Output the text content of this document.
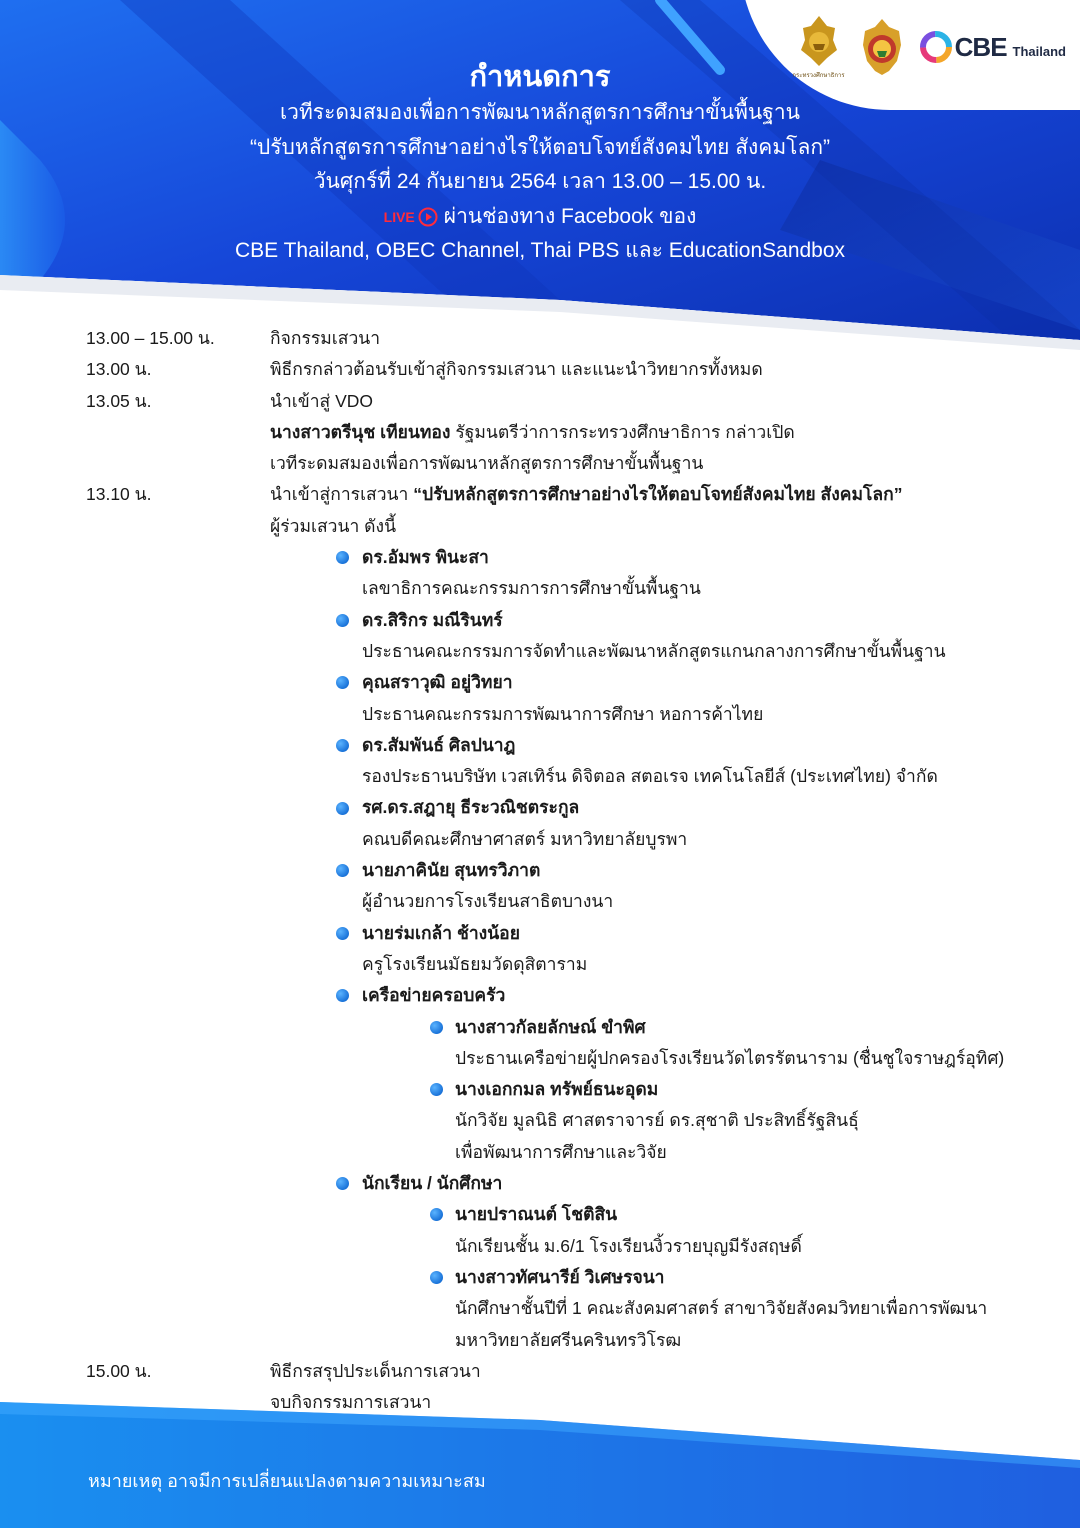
กระทรวงศึกษาธิการ
CBE Thailand
กำหนดการ
เวทีระดมสมองเพื่อการพัฒนาหลักสูตรการศึกษาขั้นพื้นฐาน
“ปรับหลักสูตรการศึกษาอย่างไรให้ตอบโจทย์สังคมไทย สังคมโลก”
วันศุกร์ที่ 24 กันยายน 2564 เวลา 13.00 – 15.00 น.
LIVE ผ่านช่องทาง Facebook ของ
CBE Thailand, OBEC Channel, Thai PBS และ EducationSandbox
13.00 – 15.00 น.	กิจกรรมเสวนา
13.00 น.	พิธีกรกล่าวต้อนรับเข้าสู่กิจกรรมเสวนา และแนะนำวิทยากรทั้งหมด
13.05 น.	นำเข้าสู่ VDO
นางสาวตรีนุช เทียนทอง รัฐมนตรีว่าการกระทรวงศึกษาธิการ กล่าวเปิด
เวทีระดมสมองเพื่อการพัฒนาหลักสูตรการศึกษาขั้นพื้นฐาน
13.10 น.	นำเข้าสู่การเสวนา “ปรับหลักสูตรการศึกษาอย่างไรให้ตอบโจทย์สังคมไทย สังคมโลก”
ผู้ร่วมเสวนา ดังนี้
ดร.อัมพร พินะสา
เลขาธิการคณะกรรมการการศึกษาขั้นพื้นฐาน
ดร.สิริกร มณีรินทร์
ประธานคณะกรรมการจัดทำและพัฒนาหลักสูตรแกนกลางการศึกษาขั้นพื้นฐาน
คุณสราวุฒิ อยู่วิทยา
ประธานคณะกรรมการพัฒนาการศึกษา หอการค้าไทย
ดร.สัมพันธ์ ศิลปนาฎ
รองประธานบริษัท เวสเทิร์น ดิจิตอล สตอเรจ เทคโนโลยีส์ (ประเทศไทย) จำกัด
รศ.ดร.สฎายุ ธีระวณิชตระกูล
คณบดีคณะศึกษาศาสตร์ มหาวิทยาลัยบูรพา
นายภาคินัย สุนทรวิภาต
ผู้อำนวยการโรงเรียนสาธิตบางนา
นายร่มเกล้า ช้างน้อย
ครูโรงเรียนมัธยมวัดดุสิตาราม
เครือข่ายครอบครัว
นางสาวกัลยลักษณ์ ขำพิศ
ประธานเครือข่ายผู้ปกครองโรงเรียนวัดไตรรัตนาราม (ชื่นชูใจราษฎร์อุทิศ)
นางเอกกมล ทรัพย์ธนะอุดม
นักวิจัย มูลนิธิ ศาสตราจารย์ ดร.สุชาติ ประสิทธิ์รัฐสินธุ์
เพื่อพัฒนาการศึกษาและวิจัย
นักเรียน / นักศึกษา
นายปราณนต์ โชติสิน
นักเรียนชั้น ม.6/1 โรงเรียนงิ้วรายบุญมีรังสฤษดิ์
นางสาวทัศนารีย์ วิเศษรจนา
นักศึกษาชั้นปีที่ 1 คณะสังคมศาสตร์ สาขาวิจัยสังคมวิทยาเพื่อการพัฒนา
มหาวิทยาลัยศรีนครินทรวิโรฒ
15.00 น.	พิธีกรสรุปประเด็นการเสวนา
จบกิจกรรมการเสวนา
หมายเหตุ อาจมีการเปลี่ยนแปลงตามความเหมาะสม
